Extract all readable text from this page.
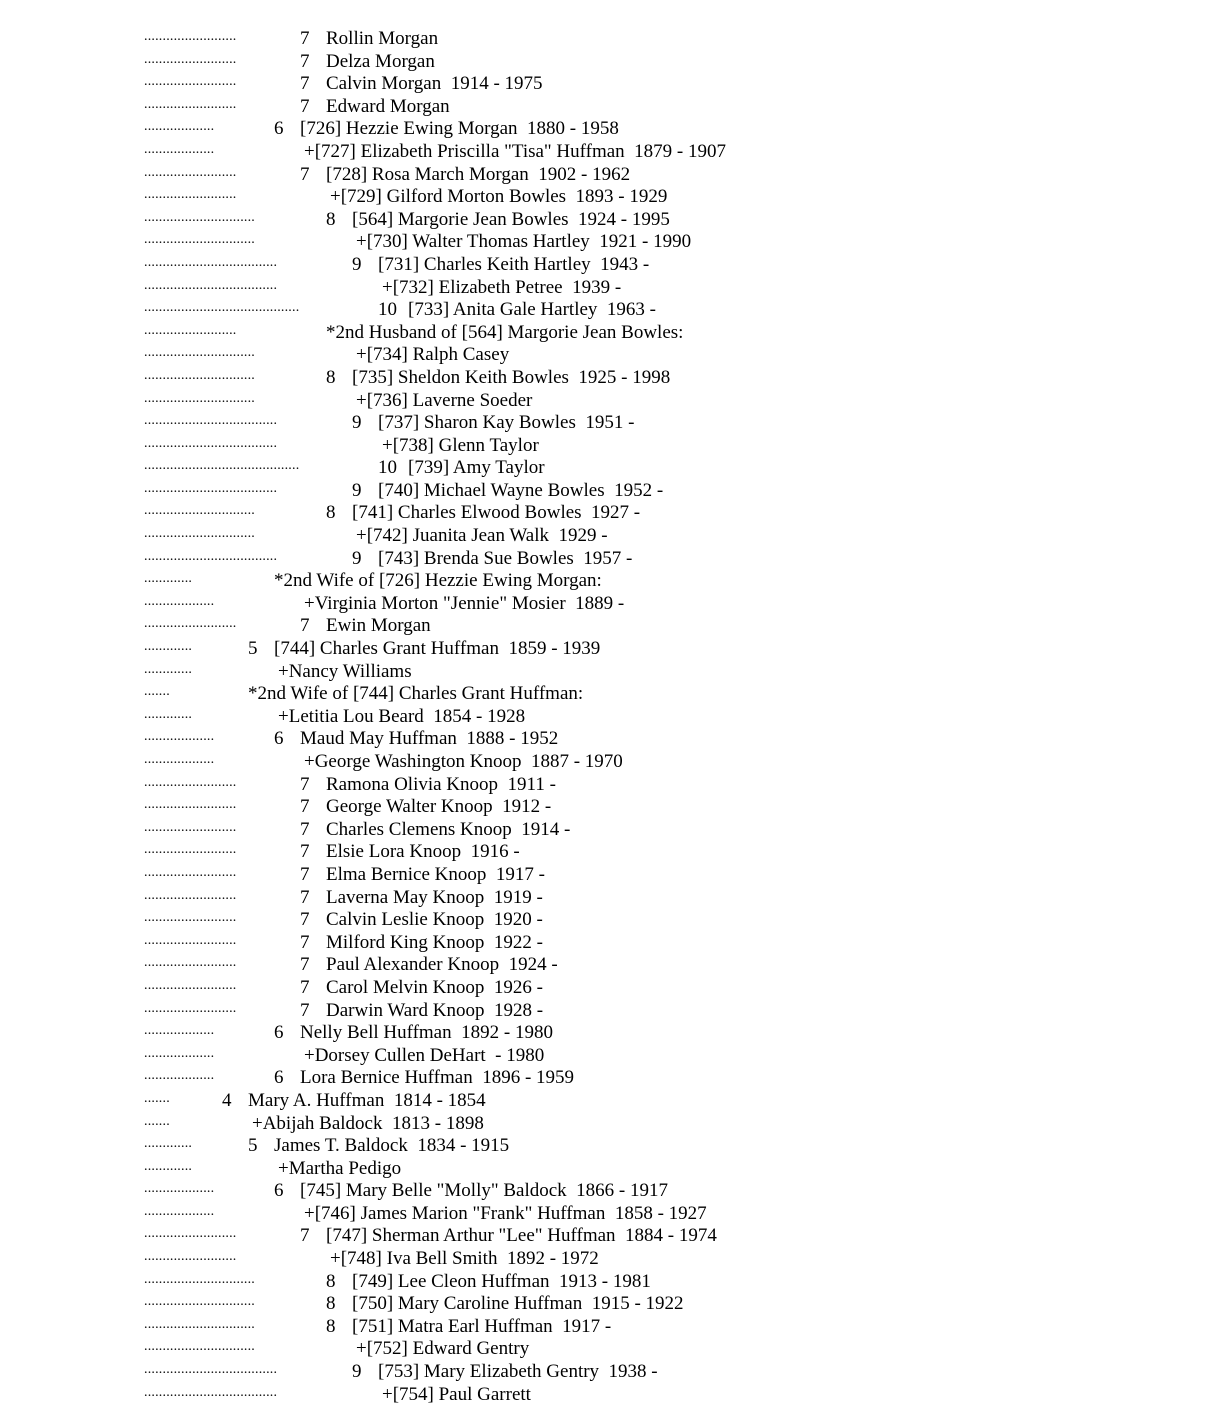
.........................	7 Rollin Morgan
.........................	7 Delza Morgan
.........................	7 Calvin Morgan  1914 - 1975
.........................	7 Edward Morgan
...................	6 [726] Hezzie Ewing Morgan  1880 - 1958
...................	+[727] Elizabeth Priscilla "Tisa" Huffman  1879 - 1907
.........................	7 [728] Rosa March Morgan  1902 - 1962
.........................	+[729] Gilford Morton Bowles  1893 - 1929
..............................	8 [564] Margorie Jean Bowles  1924 - 1995
..............................	+[730] Walter Thomas Hartley  1921 - 1990
....................................	9 [731] Charles Keith Hartley  1943 -
....................................	+[732] Elizabeth Petree  1939 -
..........................................	10 [733] Anita Gale Hartley  1963 -
.........................	*2nd Husband of [564] Margorie Jean Bowles:
..............................	+[734] Ralph Casey
..............................	8 [735] Sheldon Keith Bowles  1925 - 1998
..............................	+[736] Laverne Soeder
....................................	9 [737] Sharon Kay Bowles  1951 -
....................................	+[738] Glenn Taylor
..........................................	10 [739] Amy Taylor
....................................	9 [740] Michael Wayne Bowles  1952 -
..............................	8 [741] Charles Elwood Bowles  1927 -
..............................	+[742] Juanita Jean Walk  1929 -
....................................	9 [743] Brenda Sue Bowles  1957 -
.............	*2nd Wife of [726] Hezzie Ewing Morgan:
...................	+Virginia Morton "Jennie" Mosier  1889 -
.........................	7 Ewin Morgan
.............	5 [744] Charles Grant Huffman  1859 - 1939
.............	+Nancy Williams
.......	*2nd Wife of [744] Charles Grant Huffman:
.............	+Letitia Lou Beard  1854 - 1928
...................	6 Maud May Huffman  1888 - 1952
...................	+George Washington Knoop  1887 - 1970
.........................	7 Ramona Olivia Knoop  1911 -
.........................	7 George Walter Knoop  1912 -
.........................	7 Charles Clemens Knoop  1914 -
.........................	7 Elsie Lora Knoop  1916 -
.........................	7 Elma Bernice Knoop  1917 -
.........................	7 Laverna May Knoop  1919 -
.........................	7 Calvin Leslie Knoop  1920 -
.........................	7 Milford King Knoop  1922 -
.........................	7 Paul Alexander Knoop  1924 -
.........................	7 Carol Melvin Knoop  1926 -
.........................	7 Darwin Ward Knoop  1928 -
...................	6 Nelly Bell Huffman  1892 - 1980
...................	+Dorsey Cullen DeHart  - 1980
...................	6 Lora Bernice Huffman  1896 - 1959
.......	4 Mary A. Huffman  1814 - 1854
.......	+Abijah Baldock  1813 - 1898
.............	5 James T. Baldock  1834 - 1915
.............	+Martha Pedigo
...................	6 [745] Mary Belle "Molly" Baldock  1866 - 1917
...................	+[746] James Marion "Frank" Huffman  1858 - 1927
.........................	7 [747] Sherman Arthur "Lee" Huffman  1884 - 1974
.........................	+[748] Iva Bell Smith  1892 - 1972
..............................	8 [749] Lee Cleon Huffman  1913 - 1981
..............................	8 [750] Mary Caroline Huffman  1915 - 1922
..............................	8 [751] Matra Earl Huffman  1917 -
..............................	+[752] Edward Gentry
....................................	9 [753] Mary Elizabeth Gentry  1938 -
....................................	+[754] Paul Garrett
